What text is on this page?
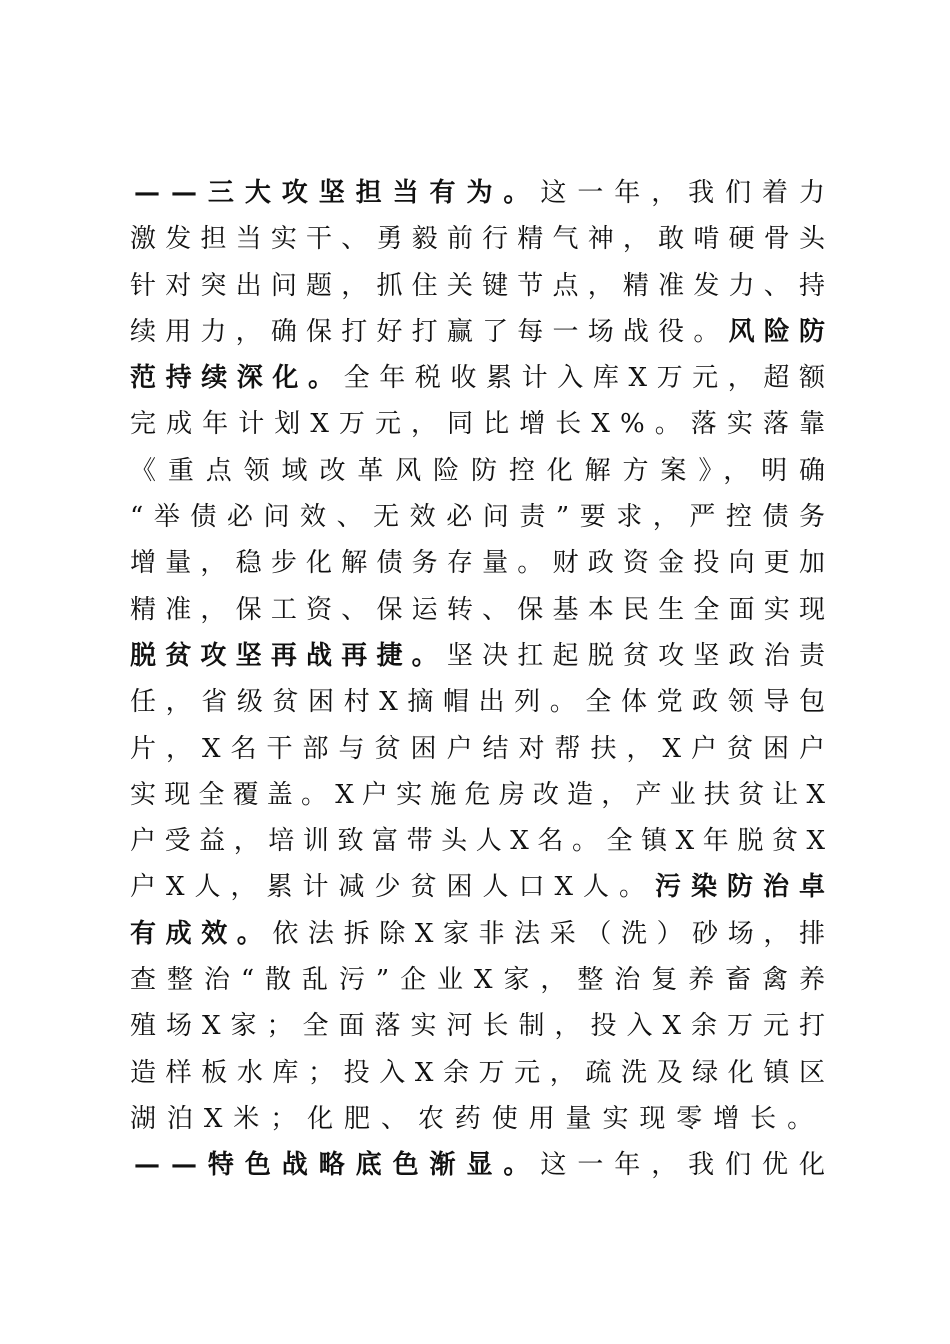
——三大攻坚担当有为。这一年，我们着力
激发担当实干、勇毅前行精气神，敢啃硬骨头
针对突出问题，抓住关键节点，精准发力、持
续用力，确保打好打赢了每一场战役。风险防
范持续深化。全年税收累计入库X万元，超额
完成年计划X万元，同比增长X%。落实落靠
《重点领域改革风险防控化解方案》，明确
“举债必问效、无效必问责”要求，严控债务
增量，稳步化解债务存量。财政资金投向更加
精准，保工资、保运转、保基本民生全面实现
脱贫攻坚再战再捷。坚决扛起脱贫攻坚政治责
任，省级贫困村X摘帽出列。全体党政领导包
片，X名干部与贫困户结对帮扶，X户贫困户
实现全覆盖。X户实施危房改造，产业扶贫让X
户受益，培训致富带头人X名。全镇X年脱贫X
户X人，累计减少贫困人口X人。污染防治卓
有成效。依法拆除X家非法采（洗）砂场，排
查整治“散乱污”企业X家，整治复养畜禽养
殖场X家；全面落实河长制，投入X余万元打
造样板水库；投入X余万元，疏洗及绿化镇区
湖泊X米；化肥、农药使用量实现零增长。
——特色战略底色渐显。这一年，我们优化
